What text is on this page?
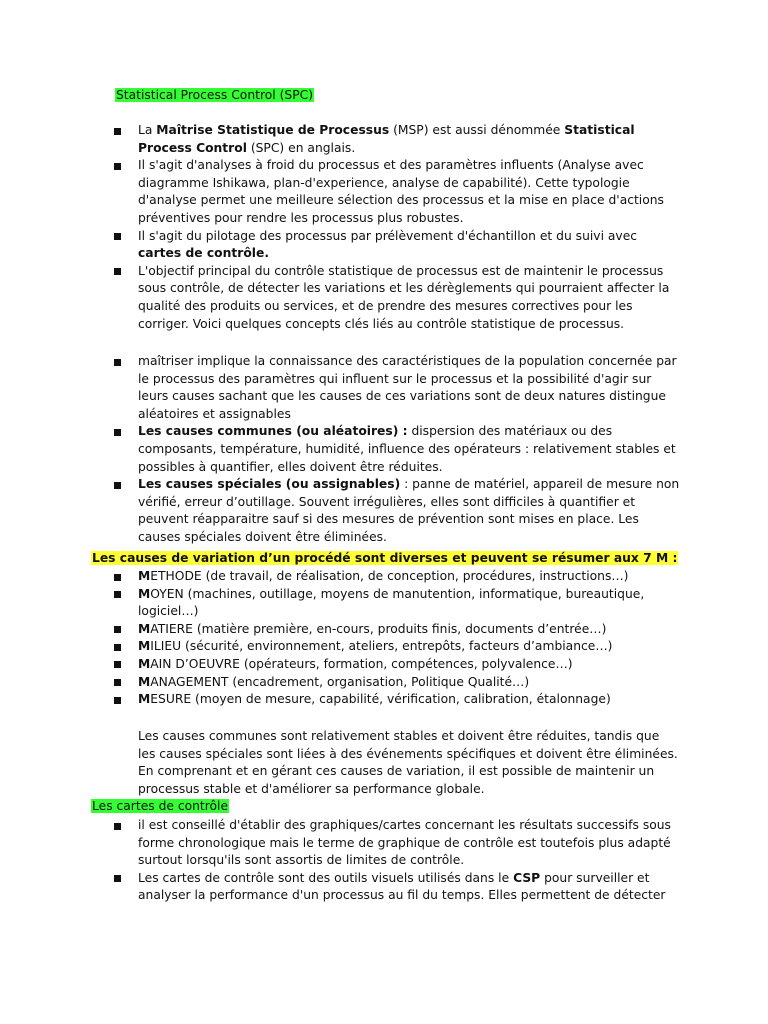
Statistical Process Control (SPC)
La Maîtrise Statistique de Processus (MSP) est aussi dénommée Statistical Process Control (SPC) en anglais.
Il s'agit d'analyses à froid du processus et des paramètres influents (Analyse avec diagramme Ishikawa, plan-d'experience, analyse de capabilité). Cette typologie d'analyse permet une meilleure sélection des processus et la mise en place d'actions préventives pour rendre les processus plus robustes.
Il s'agit du pilotage des processus par prélèvement d'échantillon et du suivi avec cartes de contrôle.
L'objectif principal du contrôle statistique de processus est de maintenir le processus sous contrôle, de détecter les variations et les dérèglements qui pourraient affecter la qualité des produits ou services, et de prendre des mesures correctives pour les corriger. Voici quelques concepts clés liés au contrôle statistique de processus.
maîtriser implique la connaissance des caractéristiques de la population concernée par le processus des paramètres qui influent sur le processus et la possibilité d'agir sur leurs causes sachant que les causes de ces variations sont de deux natures distingue aléatoires et assignables
Les causes communes (ou aléatoires) : dispersion des matériaux ou des composants, température, humidité, influence des opérateurs : relativement stables et possibles à quantifier, elles doivent être réduites.
Les causes spéciales (ou assignables) : panne de matériel, appareil de mesure non vérifié, erreur d’outillage. Souvent irrégulières, elles sont difficiles à quantifier et peuvent réapparaitre sauf si des mesures de prévention sont mises en place. Les causes spéciales doivent être éliminées.
Les causes de variation d’un procédé sont diverses et peuvent se résumer aux 7 M :
METHODE (de travail, de réalisation, de conception, procédures, instructions…)
MOYEN (machines, outillage, moyens de manutention, informatique, bureautique, logiciel…)
MATIERE (matière première, en-cours, produits finis, documents d’entrée…)
MILIEU (sécurité, environnement, ateliers, entrepôts, facteurs d’ambiance…)
MAIN D’OEUVRE (opérateurs, formation, compétences, polyvalence…)
MANAGEMENT (encadrement, organisation, Politique Qualité…)
MESURE (moyen de mesure, capabilité, vérification, calibration, étalonnage)
Les causes communes sont relativement stables et doivent être réduites, tandis que les causes spéciales sont liées à des événements spécifiques et doivent être éliminées. En comprenant et en gérant ces causes de variation, il est possible de maintenir un processus stable et d'améliorer sa performance globale.
Les cartes de contrôle
il est conseillé d'établir des graphiques/cartes concernant les résultats successifs sous forme chronologique mais le terme de graphique de contrôle est toutefois plus adapté surtout lorsqu'ils sont assortis de limites de contrôle.
Les cartes de contrôle sont des outils visuels utilisés dans le CSP pour surveiller et analyser la performance d'un processus au fil du temps. Elles permettent de détecter
